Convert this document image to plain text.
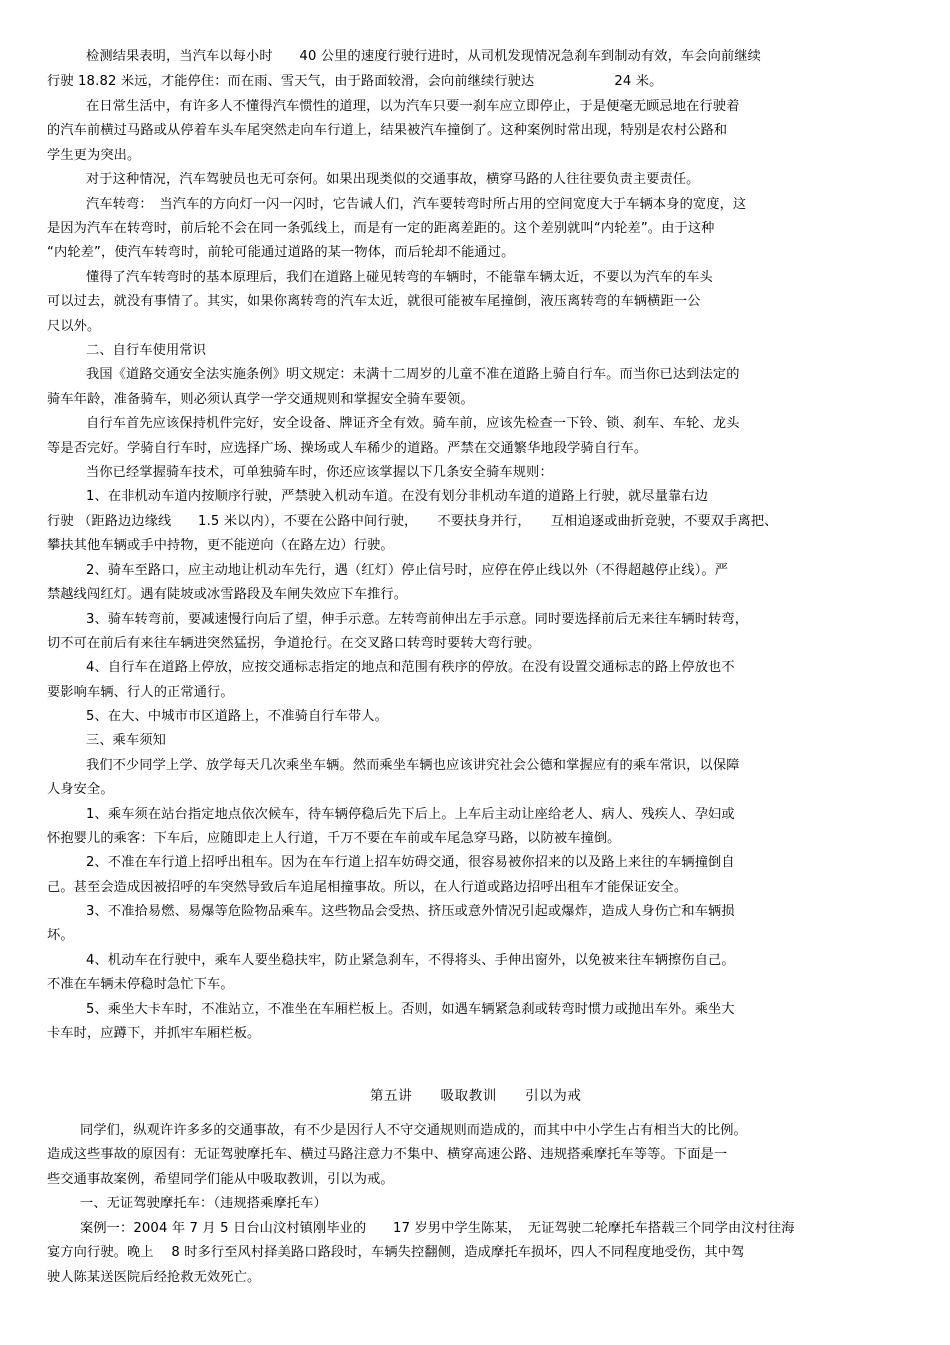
检测结果表明，当汽车以每小时　　40 公里的速度行驶行进时，从司机发现情况急刹车到制动有效，车会向前继续
行驶 18.82 米远，才能停住：而在雨、雪天气，由于路面较滑，会向前继续行驶达　　　　　　24 米。
在日常生活中，有许多人不懂得汽车惯性的道理，以为汽车只要一刹车应立即停止，于是便毫无顾忌地在行驶着
的汽车前横过马路或从停着车头车尾突然走向车行道上，结果被汽车撞倒了。这种案例时常出现，特别是农村公路和
学生更为突出。
对于这种情况，汽车驾驶员也无可奈何。如果出现类似的交通事故，横穿马路的人往往要负责主要责任。
汽车转弯：　当汽车的方向灯一闪一闪时，它告诫人们，汽车要转弯时所占用的空间宽度大于车辆本身的宽度，这
是因为汽车在转弯时，前后轮不会在同一条弧线上，而是有一定的距离差距的。这个差别就叫“内轮差”。由于这种
“内轮差”，使汽车转弯时，前轮可能通过道路的某一物体，而后轮却不能通过。
懂得了汽车转弯时的基本原理后，我们在道路上碰见转弯的车辆时，不能靠车辆太近，不要以为汽车的车头
可以过去，就没有事情了。其实，如果你离转弯的汽车太近，就很可能被车尾撞倒，液压离转弯的车辆横距一公
尺以外。
二、自行车使用常识
我国《道路交通安全法实施条例》明文规定：未满十二周岁的儿童不准在道路上骑自行车。而当你已达到法定的
骑车年龄，准备骑车，则必须认真学一学交通规则和掌握安全骑车要领。
自行车首先应该保持机件完好，安全设备、牌证齐全有效。骑车前，应该先检查一下铃、锁、刹车、车轮、龙头
等是否完好。学骑自行车时，应选择广场、操场或人车稀少的道路。严禁在交通繁华地段学骑自行车。
当你已经掌握骑车技术，可单独骑车时，你还应该掌握以下几条安全骑车规则：
1、在非机动车道内按顺序行驶，严禁驶入机动车道。在没有划分非机动车道的道路上行驶，就尽量靠右边
行驶 （距路边边缘线　　1.5 米以内），不要在公路中间行驶，　　不要扶身并行，　　互相追逐或曲折竞驶，不要双手离把、
攀扶其他车辆或手中持物，更不能逆向（在路左边）行驶。
2、骑车至路口，应主动地让机动车先行，遇（红灯）停止信号时，应停在停止线以外（不得超越停止线）。严
禁越线闯红灯。遇有陡坡或冰雪路段及车闸失效应下车推行。
3、骑车转弯前，要减速慢行向后了望，伸手示意。左转弯前伸出左手示意。同时要选择前后无来往车辆时转弯，
切不可在前后有来往车辆进突然猛拐，争道抢行。在交叉路口转弯时要转大弯行驶。
4、自行车在道路上停放，应按交通标志指定的地点和范围有秩序的停放。在没有设置交通标志的路上停放也不
要影响车辆、行人的正常通行。
5、在大、中城市市区道路上，不准骑自行车带人。
三、乘车须知
我们不少同学上学、放学每天几次乘坐车辆。然而乘坐车辆也应该讲究社会公德和掌握应有的乘车常识，以保障
人身安全。
1、乘车须在站台指定地点依次候车，待车辆停稳后先下后上。上车后主动让座给老人、病人、残疾人、孕妇或
怀抱婴儿的乘客：下车后，应随即走上人行道，千万不要在车前或车尾急穿马路，以防被车撞倒。
2、不准在车行道上招呼出租车。因为在车行道上招车妨碍交通，很容易被你招来的以及路上来往的车辆撞倒自
己。甚至会造成因被招呼的车突然导致后车追尾相撞事故。所以，在人行道或路边招呼出租车才能保证安全。
3、不准拾易燃、易爆等危险物品乘车。这些物品会受热、挤压或意外情况引起或爆炸，造成人身伤亡和车辆损
坏。
4、机动车在行驶中，乘车人要坐稳扶牢，防止紧急刹车，不得将头、手伸出窗外，以免被来往车辆擦伤自己。
不准在车辆未停稳时急忙下车。
5、乘坐大卡车时，不准站立，不准坐在车厢栏板上。否则，如遇车辆紧急刹或转弯时惯力或抛出车外。乘坐大
卡车时，应蹲下，并抓牢车厢栏板。
第五讲　　吸取教训　　引以为戒
同学们，纵观许许多多的交通事故，有不少是因行人不守交通规则而造成的，而其中中小学生占有相当大的比例。
造成这些事故的原因有：无证驾驶摩托车、横过马路注意力不集中、横穿高速公路、违规搭乘摩托车等等。下面是一
些交通事故案例，希望同学们能从中吸取教训，引以为戒。
一、无证驾驶摩托车：（违规搭乘摩托车）
案例一：2004 年 7 月 5 日台山汶村镇刚毕业的　　17 岁男中学生陈某，　无证驾驶二轮摩托车搭载三个同学由汶村往海
宴方向行驶。晚上　 8 时多行至风村择美路口路段时，车辆失控翻侧，造成摩托车损坏，四人不同程度地受伤，其中驾
驶人陈某送医院后经抢救无效死亡。
